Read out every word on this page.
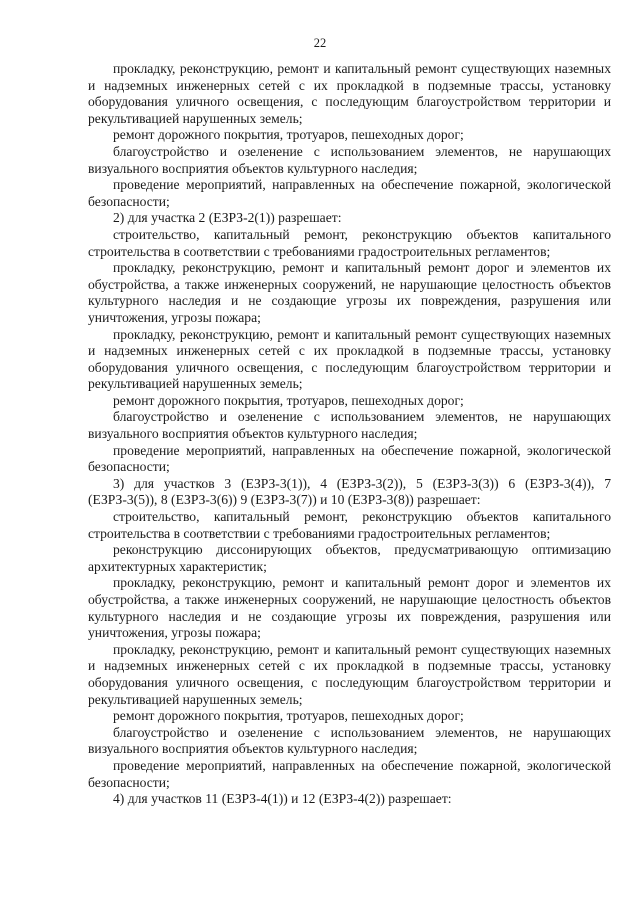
22

прокладку, реконструкцию, ремонт и капитальный ремонт существующих наземных и надземных инженерных сетей с их прокладкой в подземные трассы, установку оборудования уличного освещения, с последующим благоустройством территории и рекультивацией нарушенных земель;

ремонт дорожного покрытия, тротуаров, пешеходных дорог;

благоустройство и озеленение с использованием элементов, не нарушающих визуального восприятия объектов культурного наследия;

проведение мероприятий, направленных на обеспечение пожарной, экологической безопасности;

2) для участка 2 (ЕЗРЗ-2(1)) разрешает:

строительство, капитальный ремонт, реконструкцию объектов капитального строительства в соответствии с требованиями градостроительных регламентов;

прокладку, реконструкцию, ремонт и капитальный ремонт дорог и элементов их обустройства, а также инженерных сооружений, не нарушающие целостность объектов культурного наследия и не создающие угрозы их повреждения, разрушения или уничтожения, угрозы пожара;

прокладку, реконструкцию, ремонт и капитальный ремонт существующих наземных и надземных инженерных сетей с их прокладкой в подземные трассы, установку оборудования уличного освещения, с последующим благоустройством территории и рекультивацией нарушенных земель;

ремонт дорожного покрытия, тротуаров, пешеходных дорог;

благоустройство и озеленение с использованием элементов, не нарушающих визуального восприятия объектов культурного наследия;

проведение мероприятий, направленных на обеспечение пожарной, экологической безопасности;

3) для участков 3 (ЕЗРЗ-3(1)), 4 (ЕЗРЗ-3(2)), 5 (ЕЗРЗ-3(3)) 6 (ЕЗРЗ-3(4)), 7 (ЕЗРЗ-3(5)), 8 (ЕЗРЗ-3(6)) 9 (ЕЗРЗ-3(7)) и 10 (ЕЗРЗ-3(8)) разрешает:

строительство, капитальный ремонт, реконструкцию объектов капитального строительства в соответствии с требованиями градостроительных регламентов;

реконструкцию диссонирующих объектов, предусматривающую оптимизацию архитектурных характеристик;

прокладку, реконструкцию, ремонт и капитальный ремонт дорог и элементов их обустройства, а также инженерных сооружений, не нарушающие целостность объектов культурного наследия и не создающие угрозы их повреждения, разрушения или уничтожения, угрозы пожара;

прокладку, реконструкцию, ремонт и капитальный ремонт существующих наземных и надземных инженерных сетей с их прокладкой в подземные трассы, установку оборудования уличного освещения, с последующим благоустройством территории и рекультивацией нарушенных земель;

ремонт дорожного покрытия, тротуаров, пешеходных дорог;

благоустройство и озеленение с использованием элементов, не нарушающих визуального восприятия объектов культурного наследия;

проведение мероприятий, направленных на обеспечение пожарной, экологической безопасности;

4) для участков 11 (ЕЗРЗ-4(1)) и 12 (ЕЗРЗ-4(2)) разрешает:
